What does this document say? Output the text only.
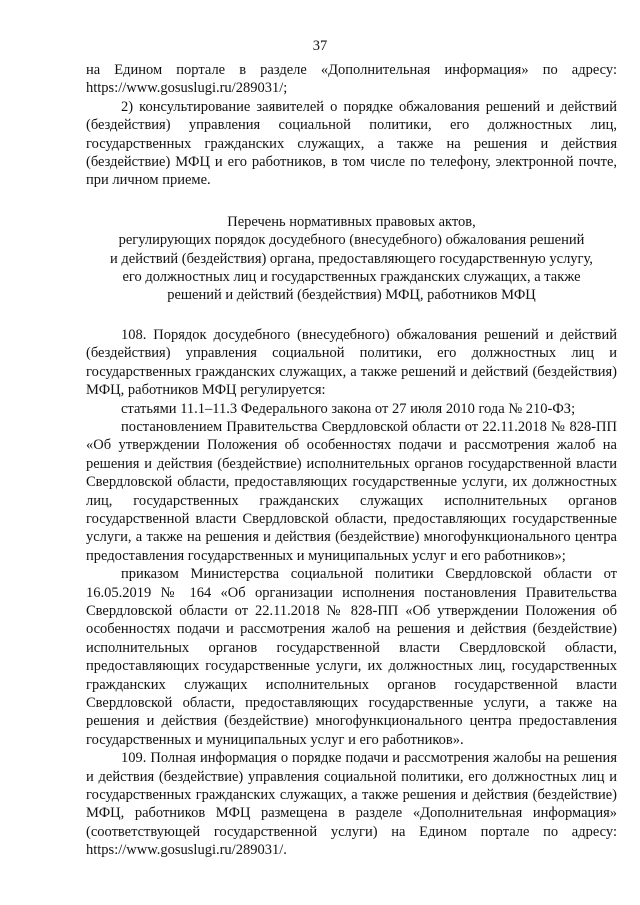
37

на Едином портале в разделе «Дополнительная информация» по адресу: https://www.gosuslugi.ru/289031/;

2) консультирование заявителей о порядке обжалования решений и действий (бездействия) управления социальной политики, его должностных лиц, государственных гражданских служащих, а также на решения и действия (бездействие) МФЦ и его работников, в том числе по телефону, электронной почте, при личном приеме.

Перечень нормативных правовых актов,
регулирующих порядок досудебного (внесудебного) обжалования решений
и действий (бездействия) органа, предоставляющего государственную услугу,
его должностных лиц и государственных гражданских служащих, а также
решений и действий (бездействия) МФЦ, работников МФЦ

108. Порядок досудебного (внесудебного) обжалования решений и действий (бездействия) управления социальной политики, его должностных лиц и государственных гражданских служащих, а также решений и действий (бездействия) МФЦ, работников МФЦ регулируется:

статьями 11.1–11.3 Федерального закона от 27 июля 2010 года № 210-ФЗ;

постановлением Правительства Свердловской области от 22.11.2018 № 828-ПП «Об утверждении Положения об особенностях подачи и рассмотрения жалоб на решения и действия (бездействие) исполнительных органов государственной власти Свердловской области, предоставляющих государственные услуги, их должностных лиц, государственных гражданских служащих исполнительных органов государственной власти Свердловской области, предоставляющих государственные услуги, а также на решения и действия (бездействие) многофункционального центра предоставления государственных и муниципальных услуг и его работников»;

приказом Министерства социальной политики Свердловской области от 16.05.2019 № 164 «Об организации исполнения постановления Правительства Свердловской области от 22.11.2018 № 828-ПП «Об утверждении Положения об особенностях подачи и рассмотрения жалоб на решения и действия (бездействие) исполнительных органов государственной власти Свердловской области, предоставляющих государственные услуги, их должностных лиц, государственных гражданских служащих исполнительных органов государственной власти Свердловской области, предоставляющих государственные услуги, а также на решения и действия (бездействие) многофункционального центра предоставления государственных и муниципальных услуг и его работников».

109. Полная информация о порядке подачи и рассмотрения жалобы на решения и действия (бездействие) управления социальной политики, его должностных лиц и государственных гражданских служащих, а также решения и действия (бездействие) МФЦ, работников МФЦ размещена в разделе «Дополнительная информация» (соответствующей государственной услуги) на Едином портале по адресу: https://www.gosuslugi.ru/289031/.
